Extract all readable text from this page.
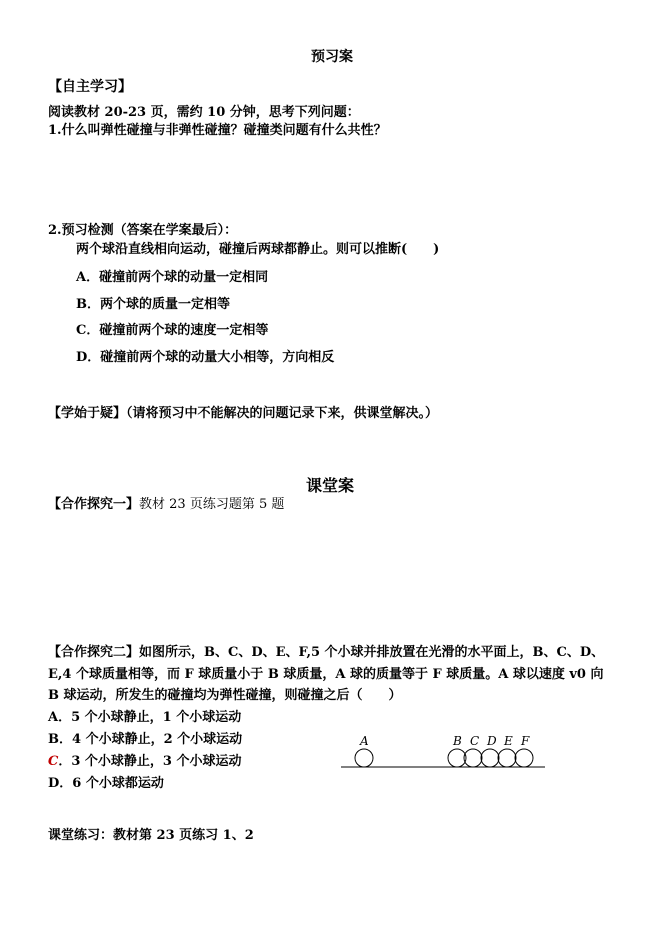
预习案
【自主学习】
阅读教材 20-23 页，需约 10 分钟，思考下列问题：
1.什么叫弹性碰撞与非弹性碰撞？碰撞类问题有什么共性？
2.预习检测（答案在学案最后）：
两个球沿直线相向运动，碰撞后两球都静止。则可以推断(　　)
A．碰撞前两个球的动量一定相同
B．两个球的质量一定相等
C．碰撞前两个球的速度一定相等
D．碰撞前两个球的动量大小相等，方向相反
【学始于疑】（请将预习中不能解决的问题记录下来，供课堂解决。）
课堂案
【合作探究一】教材 23 页练习题第 5 题
【合作探究二】如图所示，B、C、D、E、F,5 个小球并排放置在光滑的水平面上，B、C、D、
E,4 个球质量相等，而 F 球质量小于 B 球质量，A 球的质量等于 F 球质量。A 球以速度 v0 向
B 球运动，所发生的碰撞均为弹性碰撞，则碰撞之后（　　）
A．5 个小球静止，1 个小球运动
B．4 个小球静止，2 个小球运动
C．3 个小球静止，3 个小球运动
D．6 个小球都运动
A	B C D E F
课堂练习：教材第 23 页练习 1、2
